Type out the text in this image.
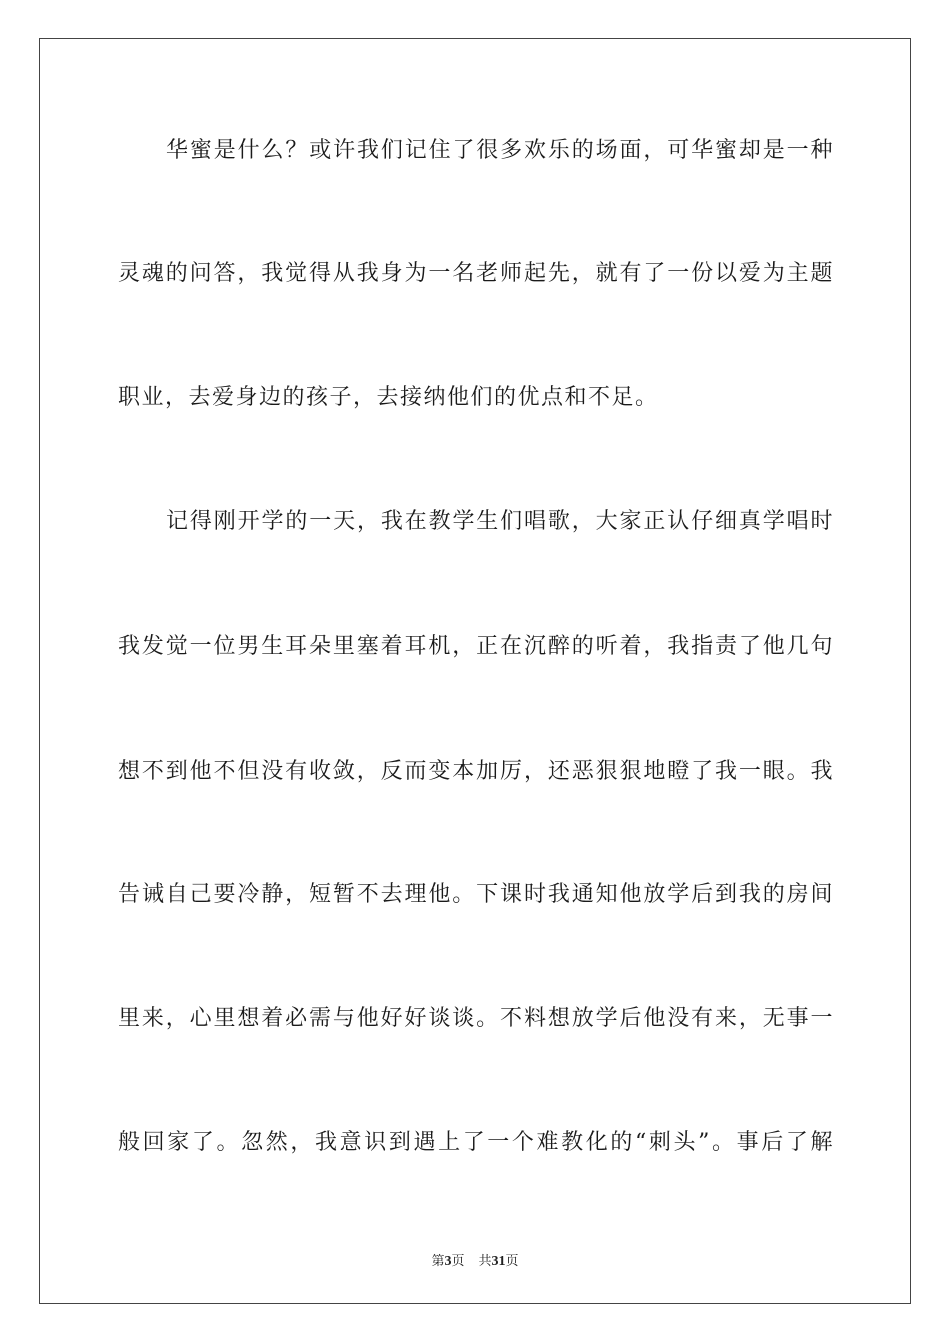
华蜜是什么？或许我们记住了很多欢乐的场面，可华蜜却是一种
灵魂的问答，我觉得从我身为一名老师起先，就有了一份以爱为主题
职业，去爱身边的孩子，去接纳他们的优点和不足。
记得刚开学的一天，我在教学生们唱歌，大家正认仔细真学唱时
我发觉一位男生耳朵里塞着耳机，正在沉醉的听着，我指责了他几句
想不到他不但没有收敛，反而变本加厉，还恶狠狠地瞪了我一眼。我
告诫自己要冷静，短暂不去理他。下课时我通知他放学后到我的房间
里来，心里想着必需与他好好谈谈。不料想放学后他没有来，无事一
般回家了。忽然，我意识到遇上了一个难教化的“刺头”。事后了解
第3页 共31页
